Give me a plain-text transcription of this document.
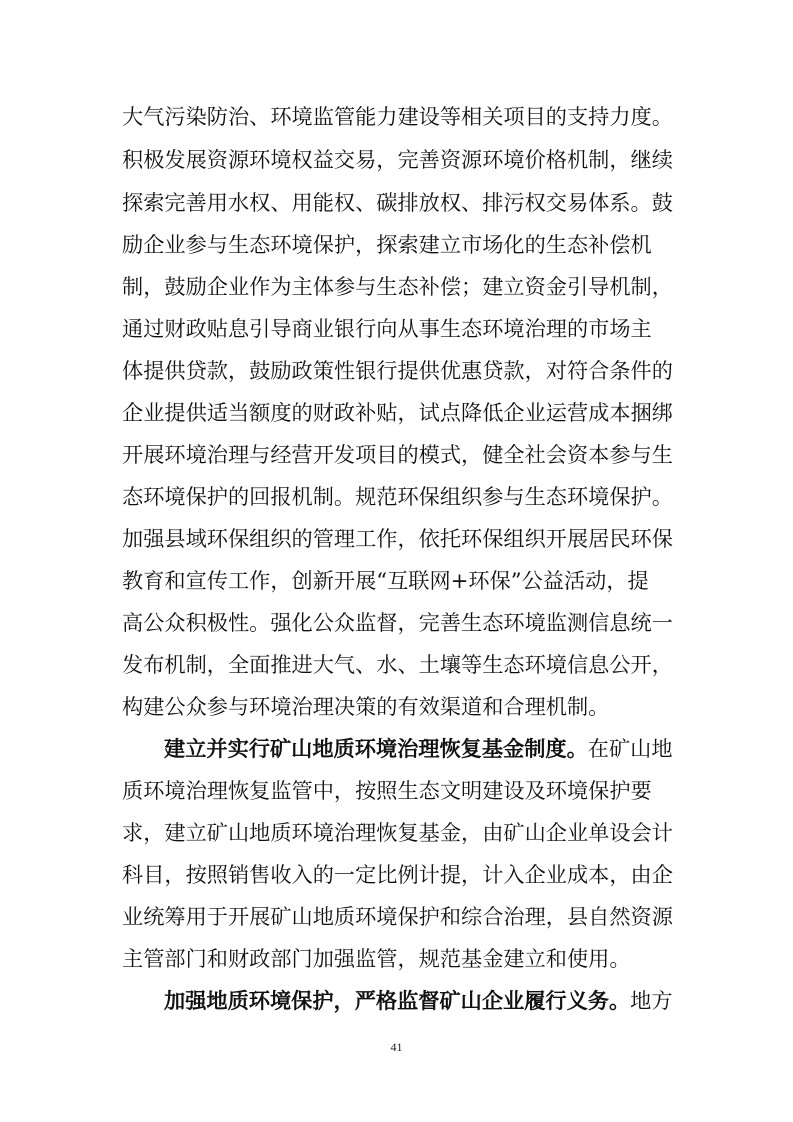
大气污染防治、环境监管能力建设等相关项目的支持力度。
积极发展资源环境权益交易，完善资源环境价格机制，继续
探索完善用水权、用能权、碳排放权、排污权交易体系。鼓
励企业参与生态环境保护，探索建立市场化的生态补偿机
制，鼓励企业作为主体参与生态补偿；建立资金引导机制，
通过财政贴息引导商业银行向从事生态环境治理的市场主
体提供贷款，鼓励政策性银行提供优惠贷款，对符合条件的
企业提供适当额度的财政补贴，试点降低企业运营成本捆绑
开展环境治理与经营开发项目的模式，健全社会资本参与生
态环境保护的回报机制。规范环保组织参与生态环境保护。
加强县域环保组织的管理工作，依托环保组织开展居民环保
教育和宣传工作，创新开展“互联网+环保”公益活动，提
高公众积极性。强化公众监督，完善生态环境监测信息统一
发布机制，全面推进大气、水、土壤等生态环境信息公开，
构建公众参与环境治理决策的有效渠道和合理机制。
建立并实行矿山地质环境治理恢复基金制度。在矿山地
质环境治理恢复监管中，按照生态文明建设及环境保护要
求，建立矿山地质环境治理恢复基金，由矿山企业单设会计
科目，按照销售收入的一定比例计提，计入企业成本，由企
业统筹用于开展矿山地质环境保护和综合治理，县自然资源
主管部门和财政部门加强监管，规范基金建立和使用。
加强地质环境保护，严格监督矿山企业履行义务。地方
41
